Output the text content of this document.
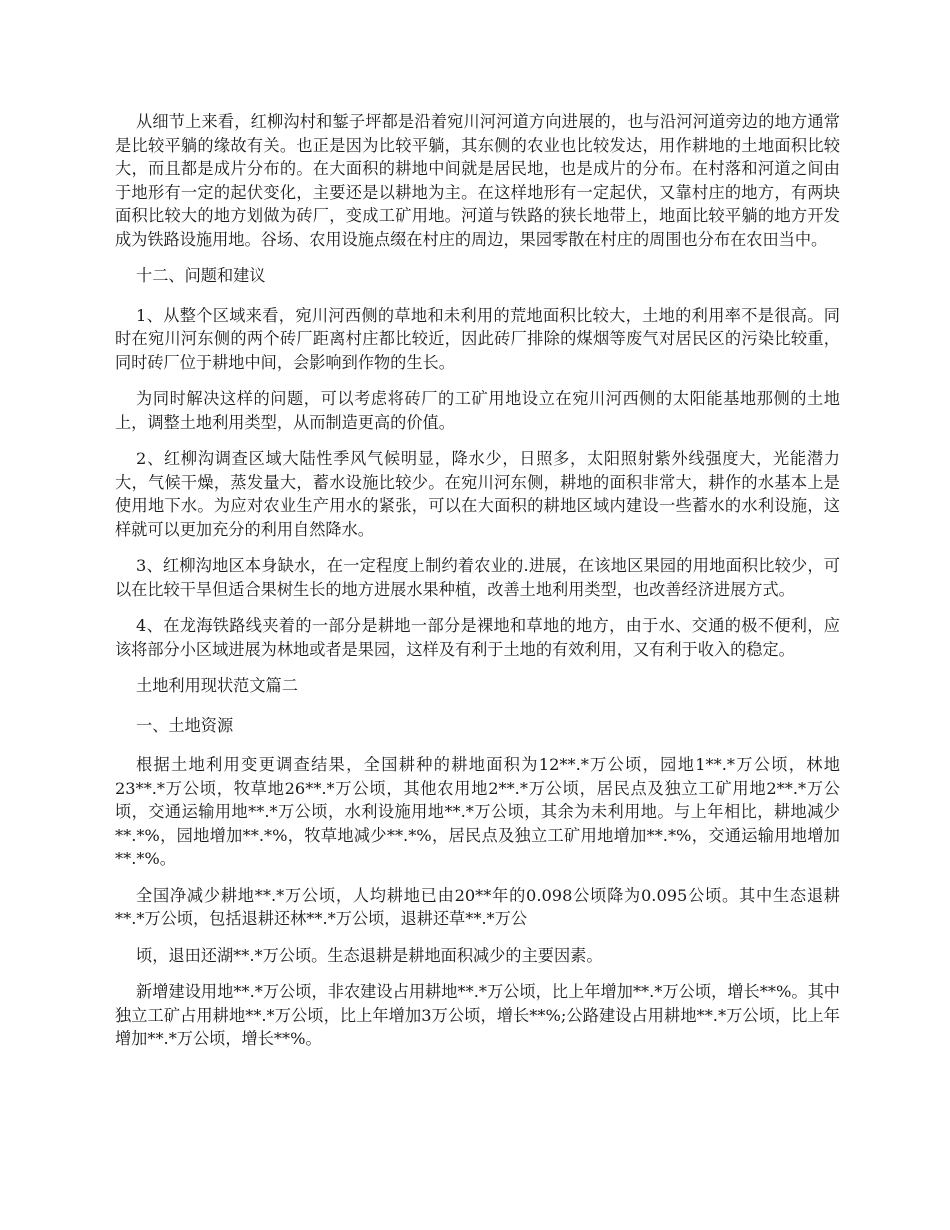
从细节上来看，红柳沟村和錾子坪都是沿着宛川河河道方向进展的，也与沿河河道旁边的地方通常是比较平躺的缘故有关。也正是因为比较平躺，其东侧的农业也比较发达，用作耕地的土地面积比较大，而且都是成片分布的。在大面积的耕地中间就是居民地，也是成片的分布。在村落和河道之间由于地形有一定的起伏变化，主要还是以耕地为主。在这样地形有一定起伏，又靠村庄的地方，有两块面积比较大的地方划做为砖厂，变成工矿用地。河道与铁路的狭长地带上，地面比较平躺的地方开发成为铁路设施用地。谷场、农用设施点缀在村庄的周边，果园零散在村庄的周围也分布在农田当中。

十二、问题和建议

1、从整个区域来看，宛川河西侧的草地和未利用的荒地面积比较大，土地的利用率不是很高。同时在宛川河东侧的两个砖厂距离村庄都比较近，因此砖厂排除的煤烟等废气对居民区的污染比较重，同时砖厂位于耕地中间，会影响到作物的生长。

为同时解决这样的问题，可以考虑将砖厂的工矿用地设立在宛川河西侧的太阳能基地那侧的土地上，调整土地利用类型，从而制造更高的价值。

2、红柳沟调查区域大陆性季风气候明显，降水少，日照多，太阳照射紫外线强度大，光能潜力大，气候干燥，蒸发量大，蓄水设施比较少。在宛川河东侧，耕地的面积非常大，耕作的水基本上是使用地下水。为应对农业生产用水的紧张，可以在大面积的耕地区域内建设一些蓄水的水利设施，这样就可以更加充分的利用自然降水。

3、红柳沟地区本身缺水，在一定程度上制约着农业的.进展，在该地区果园的用地面积比较少，可以在比较干旱但适合果树生长的地方进展水果种植，改善土地利用类型，也改善经济进展方式。

4、在龙海铁路线夹着的一部分是耕地一部分是裸地和草地的地方，由于水、交通的极不便利，应该将部分小区域进展为林地或者是果园，这样及有利于土地的有效利用，又有利于收入的稳定。

土地利用现状范文篇二

一、土地资源

根据土地利用变更调查结果，全国耕种的耕地面积为12**.*万公顷，园地1**.*万公顷，林地23**.*万公顷，牧草地26**.*万公顷，其他农用地2**.*万公顷，居民点及独立工矿用地2**.*万公顷，交通运输用地**.*万公顷，水利设施用地**.*万公顷，其余为未利用地。与上年相比，耕地减少**.*%，园地增加**.*%，牧草地减少**.*%，居民点及独立工矿用地增加**.*%，交通运输用地增加**.*%。

全国净减少耕地**.*万公顷，人均耕地已由20**年的0.098公顷降为0.095公顷。其中生态退耕**.*万公顷，包括退耕还林**.*万公顷，退耕还草**.*万公

顷，退田还湖**.*万公顷。生态退耕是耕地面积减少的主要因素。

新增建设用地**.*万公顷，非农建设占用耕地**.*万公顷，比上年增加**.*万公顷，增长**%。其中独立工矿占用耕地**.*万公顷，比上年增加3万公顷，增长**%;公路建设占用耕地**.*万公顷，比上年增加**.*万公顷，增长**%。
